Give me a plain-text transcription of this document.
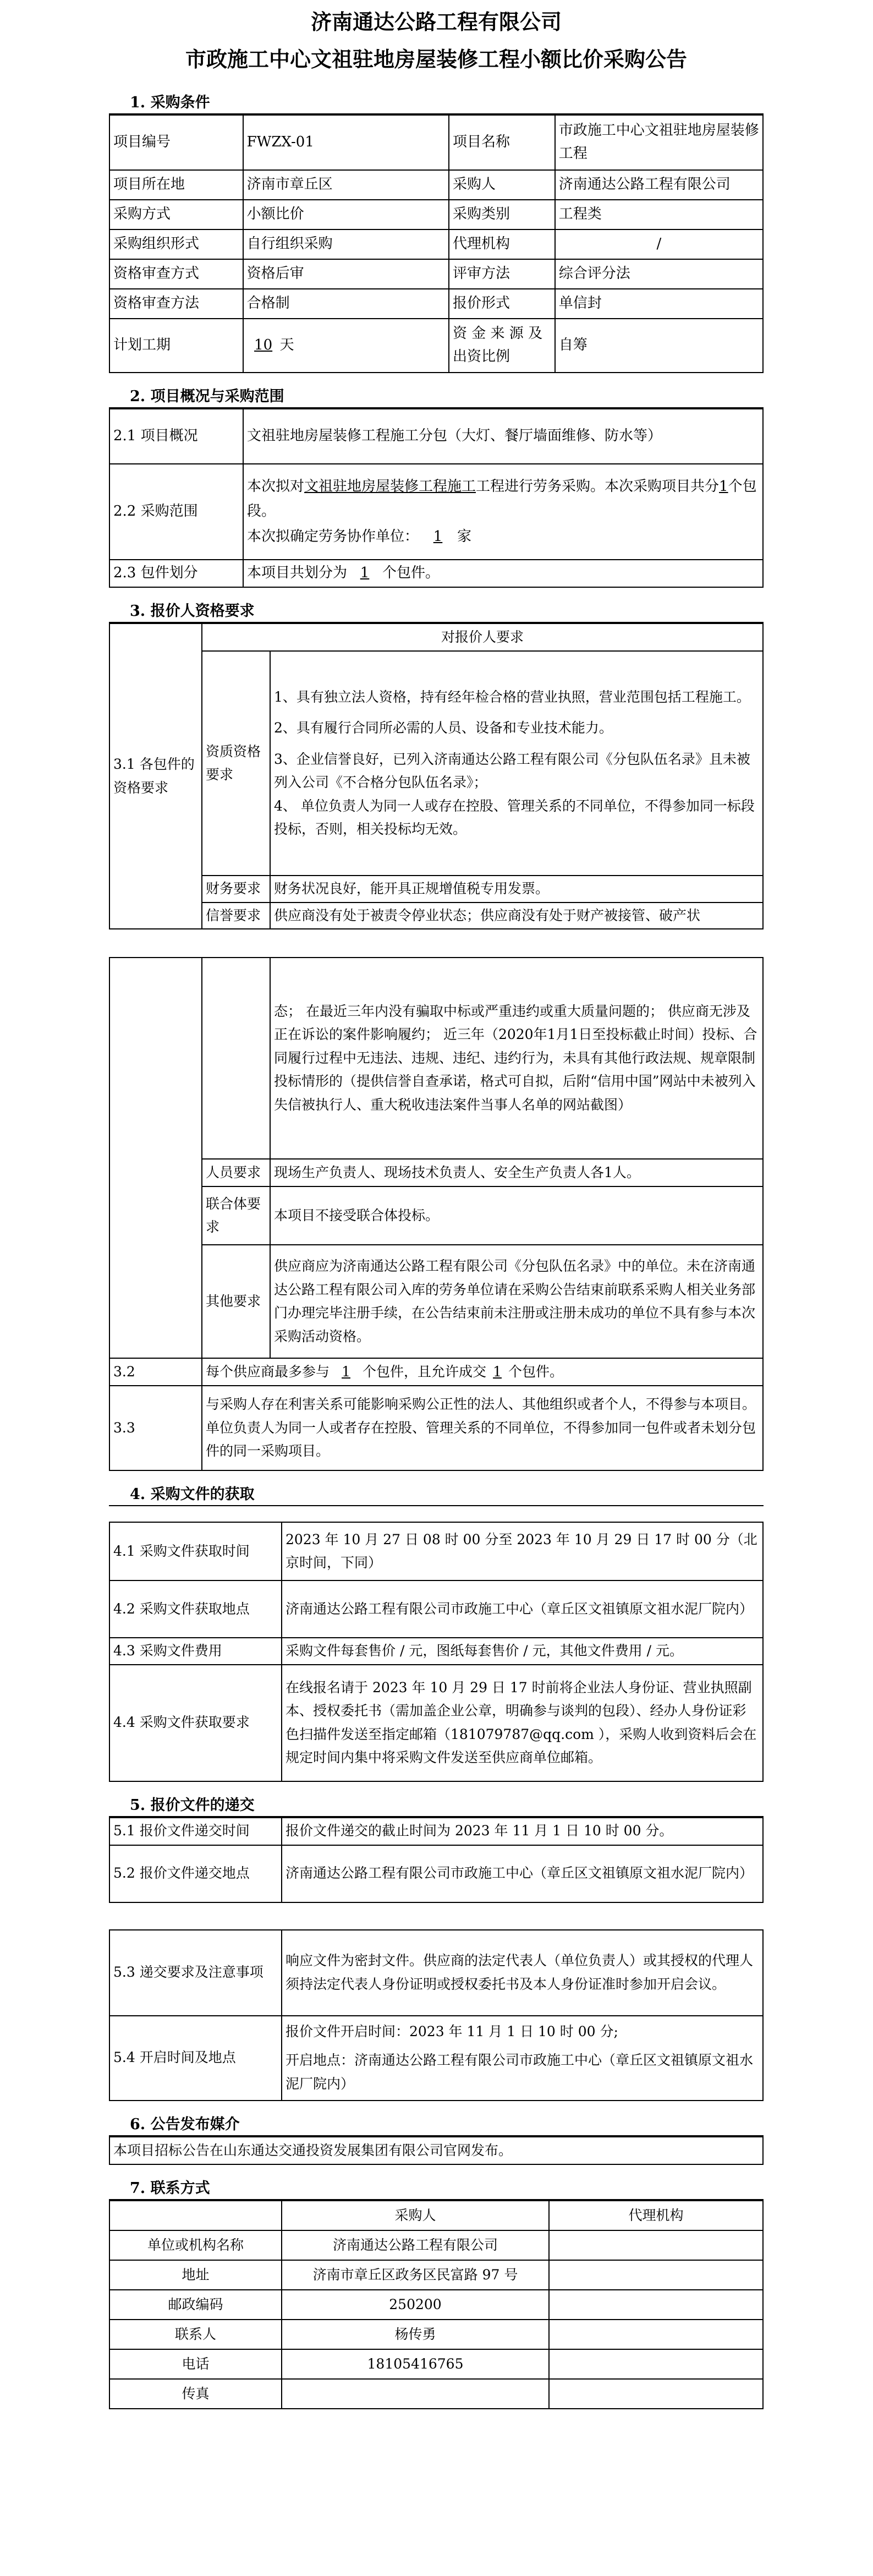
济南通达公路工程有限公司

市政施工中心文祖驻地房屋装修工程小额比价采购公告

1. 采购条件

项目编号	FWZX-01	项目名称	市政施工中心文祖驻地房屋装修工程
项目所在地	济南市章丘区	采购人	济南通达公路工程有限公司
采购方式	小额比价	采购类别	工程类
采购组织形式	自行组织采购	代理机构	/
资格审查方式	资格后审	评审方法	综合评分法
资格审查方法	合格制	报价形式	单信封
计划工期	10 天	资 金 来 源 及 出资比例	自筹

2. 项目概况与采购范围

2.1 项目概况	文祖驻地房屋装修工程施工分包（大灯、餐厅墙面维修、防水等）
2.2 采购范围	本次拟对文祖驻地房屋装修工程施工工程进行劳务采购。本次采购项目共分1个包段。
本次拟确定劳务协作单位： 1 家
2.3 包件划分	本项目共划分为 1 个包件。

3. 报价人资格要求

3.1 各包件的资格要求	对报价人要求	
	资质资格要求	1、具有独立法人资格，持有经年检合格的营业执照，营业范围包括工程施工。
2、具有履行合同所必需的人员、设备和专业技术能力。
3、企业信誉良好，已列入济南通达公路工程有限公司《分包队伍名录》且未被列入公司《不合格分包队伍名录》；
4、 单位负责人为同一人或存在控股、管理关系的不同单位，不得参加同一标段投标，否则，相关投标均无效。

	财务要求	财务状况良好，能开具正规增值税专用发票。
	信誉要求	供应商没有处于被责令停业状态；供应商没有处于财产被接管、破产状
		态； 在最近三年内没有骗取中标或严重违约或重大质量问题的； 供应商无涉及正在诉讼的案件影响履约； 近三年（2020年1月1日至投标截止时间）投标、合同履行过程中无违法、违规、违纪、违约行为，未具有其他行政法规、规章限制投标情形的（提供信誉自查承诺，格式可自拟，后附“信用中国”网站中未被列入失信被执行人、重大税收违法案件当事人名单的网站截图）
	人员要求	现场生产负责人、现场技术负责人、安全生产负责人各1人。
	联合体要求	本项目不接受联合体投标。
	其他要求	供应商应为济南通达公路工程有限公司《分包队伍名录》中的单位。未在济南通达公路工程有限公司入库的劳务单位请在采购公告结束前联系采购人相关业务部门办理完毕注册手续，在公告结束前未注册或注册未成功的单位不具有参与本次采购活动资格。

3.2	每个供应商最多参与 1 个包件，且允许成交 1 个包件。	
3.3	与采购人存在利害关系可能影响采购公正性的法人、其他组织或者个人，不得参与本项目。单位负责人为同一人或者存在控股、管理关系的不同单位，不得参加同一包件或者未划分包件的同一采购项目。	

4. 采购文件的获取

4.1 采购文件获取时间	2023 年 10 月 27 日 08 时 00 分至 2023 年 10 月 29 日 17 时 00 分（北京时间，下同）
4.2 采购文件获取地点	济南通达公路工程有限公司市政施工中心（章丘区文祖镇原文祖水泥厂院内）
4.3 采购文件费用	采购文件每套售价 / 元，图纸每套售价 / 元，其他文件费用 / 元。
4.4 采购文件获取要求	在线报名请于 2023 年 10 月 29 日 17 时前将企业法人身份证、营业执照副本、授权委托书（需加盖企业公章，明确参与谈判的包段）、经办人身份证彩色扫描件发送至指定邮箱（181079787@qq.com ），采购人收到资料后会在规定时间内集中将采购文件发送至供应商单位邮箱。

5. 报价文件的递交

5.1 报价文件递交时间	报价文件递交的截止时间为 2023 年 11 月 1 日 10 时 00 分。
5.2 报价文件递交地点	济南通达公路工程有限公司市政施工中心（章丘区文祖镇原文祖水泥厂院内）
5.3 递交要求及注意事项	响应文件为密封文件。供应商的法定代表人（单位负责人）或其授权的代理人须持法定代表人身份证明或授权委托书及本人身份证准时参加开启会议。
5.4 开启时间及地点	报价文件开启时间：2023 年 11 月 1 日 10 时 00 分;
开启地点：济南通达公路工程有限公司市政施工中心（章丘区文祖镇原文祖水泥厂院内）

6. 公告发布媒介

本项目招标公告在山东通达交通投资发展集团有限公司官网发布。

7. 联系方式

	采购人	代理机构
单位或机构名称	济南通达公路工程有限公司	
地址	济南市章丘区政务区民富路 97 号	
邮政编码	250200	
联系人	杨传勇	
电话	18105416765	
传真		
